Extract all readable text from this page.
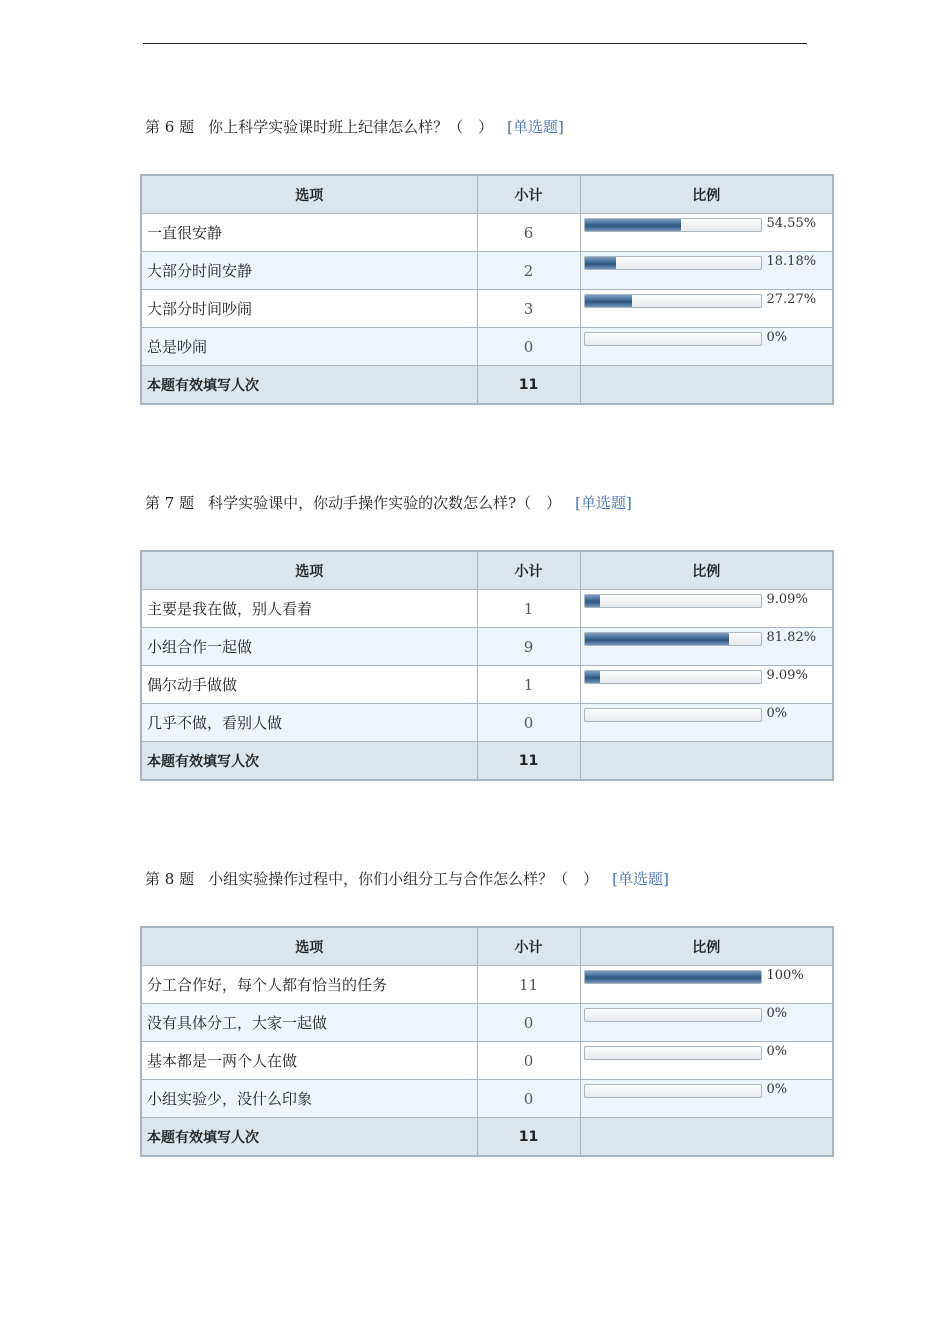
第 6 题 你上科学实验课时班上纪律怎么样？（　） [单选题]
选项	小计	比例
一直很安静	6	54.55%

大部分时间安静	2	18.18%

大部分时间吵闹	3	27.27%

总是吵闹	0	0%

本题有效填写人次	11	
第 7 题 科学实验课中，你动手操作实验的次数怎么样?（　） [单选题]
选项	小计	比例
主要是我在做，别人看着	1	9.09%

小组合作一起做	9	81.82%

偶尔动手做做	1	9.09%

几乎不做，看别人做	0	0%

本题有效填写人次	11	
第 8 题 小组实验操作过程中，你们小组分工与合作怎么样？（　） [单选题]
选项	小计	比例
分工合作好，每个人都有恰当的任务	11	100%

没有具体分工，大家一起做	0	0%

基本都是一两个人在做	0	0%

小组实验少，没什么印象	0	0%

本题有效填写人次	11	
